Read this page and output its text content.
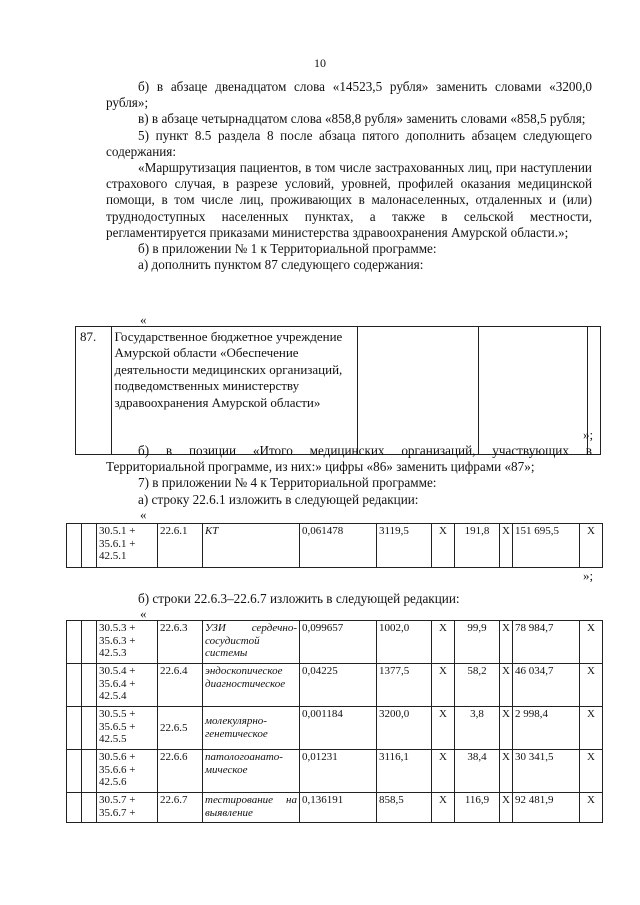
10

б) в абзаце двенадцатом слова «14523,5 рубля» заменить словами «3200,0 рубля»;

в) в абзаце четырнадцатом слова «858,8 рубля» заменить словами «858,5 рубля;

5) пункт 8.5 раздела 8 после абзаца пятого дополнить абзацем следующего содержания:

«Маршрутизация пациентов, в том числе застрахованных лиц, при наступлении страхового случая, в разрезе условий, уровней, профилей оказания медицинской помощи, в том числе лиц, проживающих в малонаселенных, отдаленных и (или) труднодоступных населенных пунктах, а также в сельской местности, регламентируется приказами министерства здравоохранения Амурской области.»;

б) в приложении № 1 к Территориальной программе:

а) дополнить пунктом 87 следующего содержания:

«
87.	Государственное бюджетное учреждение Амурской области «Обеспечение деятельности медицинских организаций, подведомственных министерству здравоохранения Амурской области»			
»;

б) в позиции «Итого медицинских организаций, участвующих в Территориальной программе, из них:» цифры «86» заменить цифрами «87»;

7) в приложении № 4 к Территориальной программе:

а) строку 22.6.1 изложить в следующей редакции:

«
		30.5.1 + 35.6.1 + 42.5.1	22.6.1	КТ	0,061478	3119,5	X	191,8	X	151 695,5	X
»;

б) строки 22.6.3–22.6.7 изложить в следующей редакции:

«
		30.5.3 + 35.6.3 + 42.5.3	22.6.3	УЗИ сердечно-сосудистой системы	0,099657	1002,0	X	99,9	X	78 984,7	X
		30.5.4 + 35.6.4 + 42.5.4	22.6.4	эндоскопическое диагностическое	0,04225	1377,5	X	58,2	X	46 034,7	X
		30.5.5 + 35.6.5 + 42.5.5	22.6.5	молекулярно-генетическое	0,001184	3200,0	X	3,8	X	2 998,4	X
		30.5.6 + 35.6.6 + 42.5.6	22.6.6	патологоанато-мическое	0,01231	3116,1	X	38,4	X	30 341,5	X
		30.5.7 + 35.6.7 +	22.6.7	тестирование на выявление	0,136191	858,5	X	116,9	X	92 481,9	X
